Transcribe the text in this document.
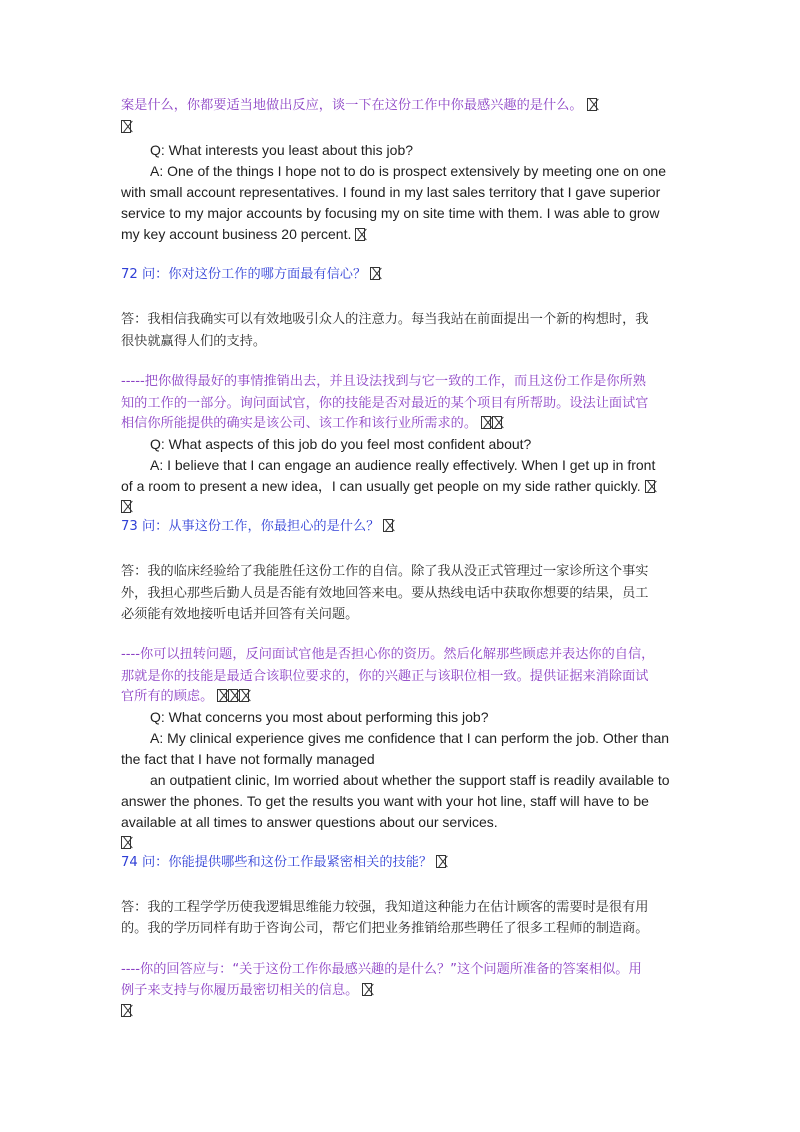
案是什么，你都要适当地做出反应，谈一下在这份工作中你最感兴趣的是什么。
Q: What interests you least about this job?
A: One of the things I hope not to do is prospect extensively by meeting one on one
with small account representatives. I found in my last sales territory that I gave superior
service to my major accounts by focusing my on site time with them. I was able to grow
my key account business 20 percent.
72 问：你对这份工作的哪方面最有信心？
答：我相信我确实可以有效地吸引众人的注意力。每当我站在前面提出一个新的构想时，我
很快就赢得人们的支持。
-----把你做得最好的事情推销出去，并且设法找到与它一致的工作，而且这份工作是你所熟
知的工作的一部分。询问面试官，你的技能是否对最近的某个项目有所帮助。设法让面试官
相信你所能提供的确实是该公司、该工作和该行业所需求的。
Q: What aspects of this job do you feel most confident about?
A: I believe that I can engage an audience really effectively. When I get up in front
of a room to present a new idea，I can usually get people on my side rather quickly.
73 问：从事这份工作，你最担心的是什么？
答：我的临床经验给了我能胜任这份工作的自信。除了我从没正式管理过一家诊所这个事实
外，我担心那些后勤人员是否能有效地回答来电。要从热线电话中获取你想要的结果，员工
必须能有效地接听电话并回答有关问题。
----你可以扭转问题，反问面试官他是否担心你的资历。然后化解那些顾虑并表达你的自信，
那就是你的技能是最适合该职位要求的，你的兴趣正与该职位相一致。提供证据来消除面试
官所有的顾虑。
Q: What concerns you most about performing this job?
A: My clinical experience gives me confidence that I can perform the job. Other than
the fact that I have not formally managed
an outpatient clinic, Im worried about whether the support staff is readily available to
answer the phones. To get the results you want with your hot line, staff will have to be
available at all times to answer questions about our services.
74 问：你能提供哪些和这份工作最紧密相关的技能？
答：我的工程学学历使我逻辑思维能力较强，我知道这种能力在估计顾客的需要时是很有用
的。我的学历同样有助于咨询公司，帮它们把业务推销给那些聘任了很多工程师的制造商。
----你的回答应与：“关于这份工作你最感兴趣的是什么？”这个问题所准备的答案相似。用
例子来支持与你履历最密切相关的信息。
